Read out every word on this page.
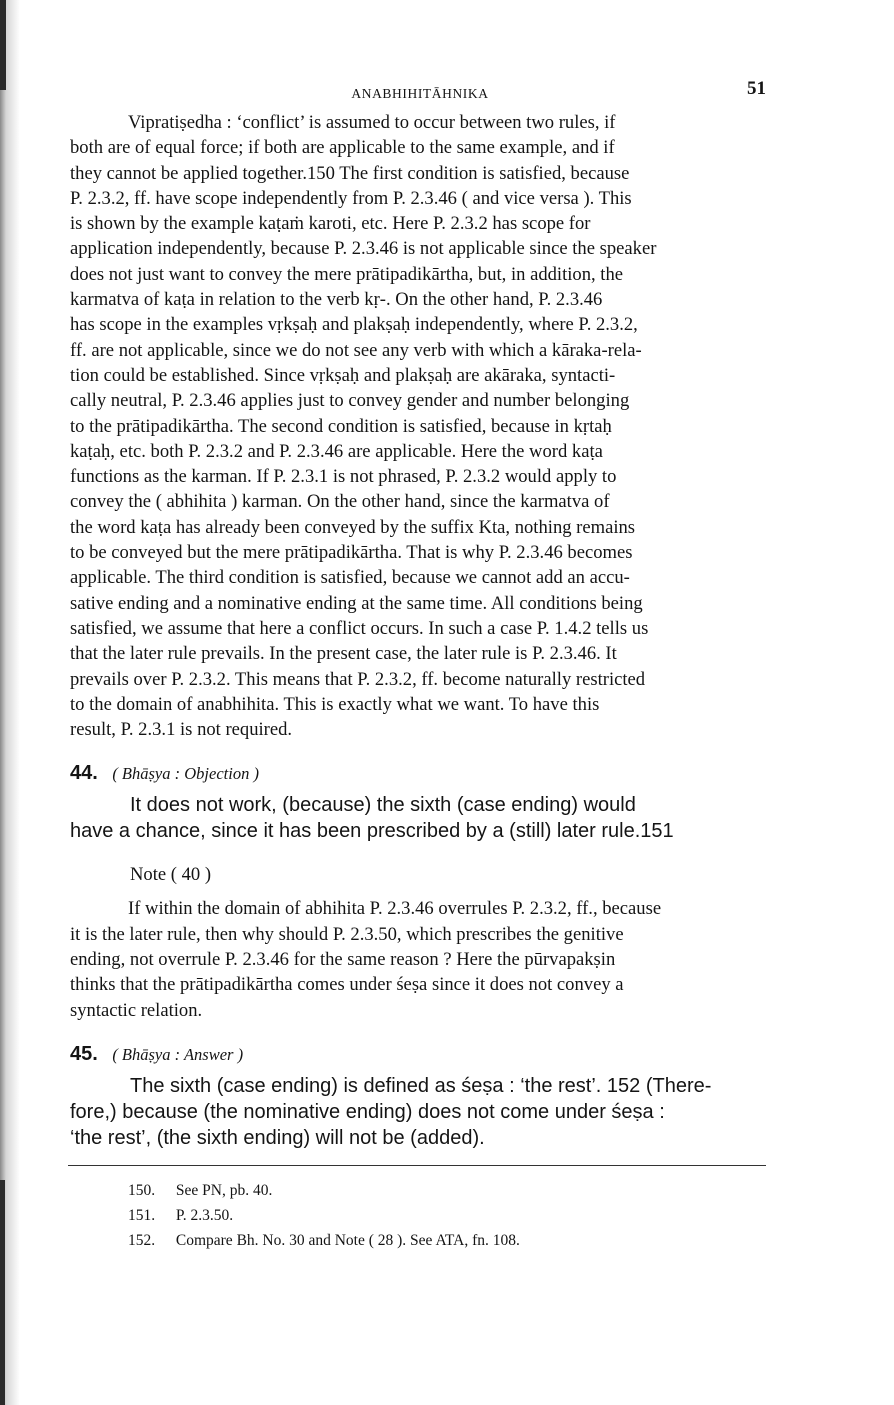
ANABHIHITĀHNIKA	51

Vipratiṣedha : ‘conflict’ is assumed to occur between two rules, if
both are of equal force; if both are applicable to the same example, and if
they cannot be applied together.150 The first condition is satisfied, because
P. 2.3.2, ff. have scope independently from P. 2.3.46 ( and vice versa ). This
is shown by the example kaṭaṁ karoti, etc. Here P. 2.3.2 has scope for
application independently, because P. 2.3.46 is not applicable since the speaker
does not just want to convey the mere prātipadikārtha, but, in addition, the
karmatva of kaṭa in relation to the verb kṛ-. On the other hand, P. 2.3.46
has scope in the examples vṛkṣaḥ and plakṣaḥ independently, where P. 2.3.2,
ff. are not applicable, since we do not see any verb with which a kāraka-rela-
tion could be established. Since vṛkṣaḥ and plakṣaḥ are akāraka, syntacti-
cally neutral, P. 2.3.46 applies just to convey gender and number belonging
to the prātipadikārtha. The second condition is satisfied, because in kṛtaḥ
kaṭaḥ, etc. both P. 2.3.2 and P. 2.3.46 are applicable. Here the word kaṭa
functions as the karman. If P. 2.3.1 is not phrased, P. 2.3.2 would apply to
convey the ( abhihita ) karman. On the other hand, since the karmatva of
the word kaṭa has already been conveyed by the suffix Kta, nothing remains
to be conveyed but the mere prātipadikārtha. That is why P. 2.3.46 becomes
applicable. The third condition is satisfied, because we cannot add an accu-
sative ending and a nominative ending at the same time. All conditions being
satisfied, we assume that here a conflict occurs. In such a case P. 1.4.2 tells us
that the later rule prevails. In the present case, the later rule is P. 2.3.46. It
prevails over P. 2.3.2. This means that P. 2.3.2, ff. become naturally restricted
to the domain of anabhihita. This is exactly what we want. To have this
result, P. 2.3.1 is not required.

44. ( Bhāṣya : Objection )

It does not work, (because) the sixth (case ending) would
have a chance, since it has been prescribed by a (still) later rule.151

Note ( 40 )

If within the domain of abhihita P. 2.3.46 overrules P. 2.3.2, ff., because
it is the later rule, then why should P. 2.3.50, which prescribes the genitive
ending, not overrule P. 2.3.46 for the same reason ? Here the pūrvapakṣin
thinks that the prātipadikārtha comes under śeṣa since it does not convey a
syntactic relation.

45. ( Bhāṣya : Answer )

The sixth (case ending) is defined as śeṣa : ‘the rest’. 152 (There-
fore,) because (the nominative ending) does not come under śeṣa :
‘the rest’, (the sixth ending) will not be (added).

150. See PN, pb. 40.
151. P. 2.3.50.
152. Compare Bh. No. 30 and Note ( 28 ). See ATA, fn. 108.
